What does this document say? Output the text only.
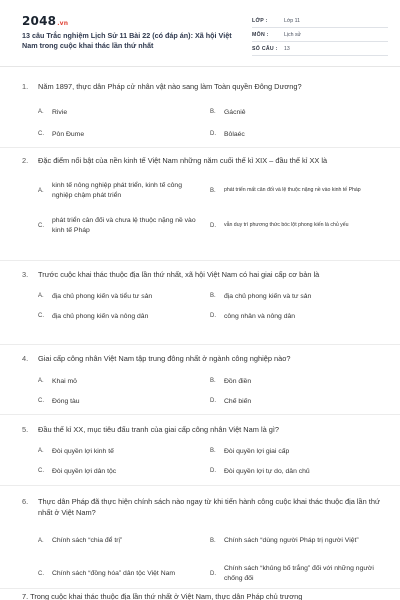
2048.vn
13 câu Trắc nghiệm Lịch Sử 11 Bài 22 (có đáp án): Xã hội Việt Nam trong cuộc khai thác lần thứ nhất
LỚP :	Lớp 11
MÔN :	Lịch sử
SỐ CÂU : 13
1. Năm 1897, thực dân Pháp cử nhân vật nào sang làm Toàn quyền Đông Dương?
A.	Rivie	B.	Gácniê
C.	Pôn Đume	D.	Bôlaéc
2. Đặc điểm nổi bật của nền kinh tế Việt Nam những năm cuối thế kỉ XIX – đầu thế kỉ XX là
A.
kinh tế nông nghiệp phát triển, kinh tế công nghiệp chậm phát triển
B.	phát triển mất cân đối và lệ thuộc nặng nề vào kinh tế Pháp
C.
phát triển cân đối và chưa lệ thuộc nặng nề vào kinh tế Pháp
D.	vẫn duy trì phương thức bóc lột phong kiến là chủ yếu
3. Trước cuộc khai thác thuộc địa lần thứ nhất, xã hội Việt Nam có hai giai cấp cơ bản là
A.	địa chủ phong kiến và tiểu tư sản	B.	địa chủ phong kiến và tư sản
C.	địa chủ phong kiến và nông dân	D.	công nhân và nông dân
4. Giai cấp công nhân Việt Nam tập trung đông nhất ở ngành công nghiệp nào?
A.	Khai mỏ	B.	Đồn điền
C.	Đóng tàu	D.	Chế biến
5. Đầu thế kỉ XX, mục tiêu đấu tranh của giai cấp công nhân Việt Nam là gì?
A.	Đòi quyền lợi kinh tế	B.	Đòi quyền lợi giai cấp
C.	Đòi quyền lợi dân tộc	D.	Đòi quyền lợi tự do, dân chủ
6. Thực dân Pháp đã thực hiện chính sách nào ngay từ khi tiến hành công cuộc khai thác thuộc địa lần thứ nhất ở Việt Nam?
A.	Chính sách “chia để trị”	B.	Chính sách “dùng người Pháp trị người Việt”
C.	Chính sách “đồng hóa” dân tộc Việt Nam	D.
Chính sách “khủng bố trắng” đối với những người chống đối
7. Trong cuộc khai thác thuộc địa lần thứ nhất ở Việt Nam, thực dân Pháp chủ trương
